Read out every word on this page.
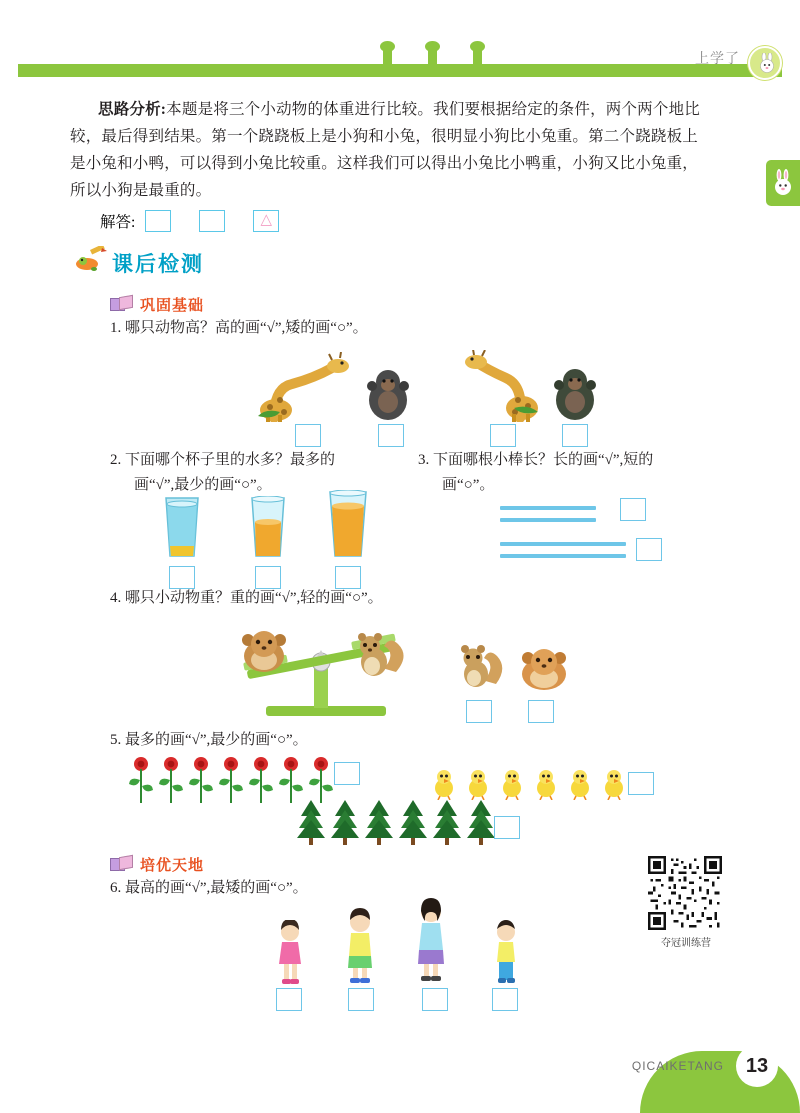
上学了
思路分析:本题是将三个小动物的体重进行比较。我们要根据给定的条件，两个两个地比较，最后得到结果。第一个跷跷板上是小狗和小兔，很明显小狗比小兔重。第二个跷跷板上是小兔和小鸭，可以得到小兔比较重。这样我们可以得出小兔比小鸭重，小狗又比小兔重，所以小狗是最重的。
解答:	△
课后检测
巩固基础
1. 哪只动物高？高的画“√”,矮的画“○”。
2. 下面哪个杯子里的水多？最多的
画“√”,最少的画“○”。
3. 下面哪根小棒长？长的画“√”,短的
画“○”。
4. 哪只小动物重？重的画“√”,轻的画“○”。
5. 最多的画“√”,最少的画“○”。
培优天地
6. 最高的画“√”,最矮的画“○”。
夺冠训练营
QICAIKETANG	13
